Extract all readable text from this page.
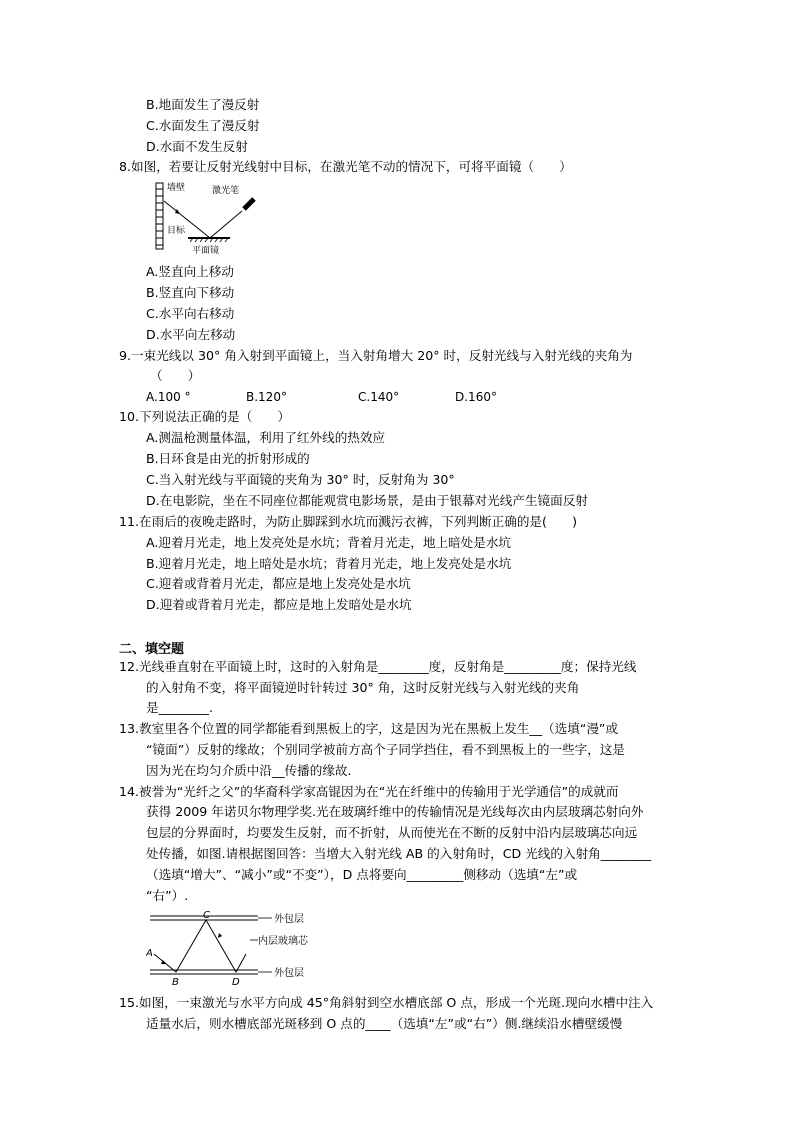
B.地面发生了漫反射
C.水面发生了漫反射
D.水面不发生反射
8.如图，若要让反射光线射中目标，在激光笔不动的情况下，可将平面镜（　　）
墙壁	激光笔
目标
平面镜
A.竖直向上移动
B.竖直向下移动
C.水平向右移动
D.水平向左移动
9.一束光线以 30° 角入射到平面镜上，当入射角增大 20° 时，反射光线与入射光线的夹角为
（　　）
A.100 °	B.120°	C.140°	D.160°
10.下列说法正确的是（　　）
A.测温枪测量体温，利用了红外线的热效应
B.日环食是由光的折射形成的
C.当入射光线与平面镜的夹角为 30° 时，反射角为 30°
D.在电影院，坐在不同座位都能观赏电影场景，是由于银幕对光线产生镜面反射
11.在雨后的夜晚走路时，为防止脚踩到水坑而溅污衣裤，下列判断正确的是(　　)
A.迎着月光走，地上发亮处是水坑；背着月光走，地上暗处是水坑
B.迎着月光走，地上暗处是水坑；背着月光走，地上发亮处是水坑
C.迎着或背着月光走，都应是地上发亮处是水坑
D.迎着或背着月光走，都应是地上发暗处是水坑
二、填空题
12.光线垂直射在平面镜上时，这时的入射角是________度，反射角是_________度；保持光线
的入射角不变，将平面镜逆时针转过 30° 角，这时反射光线与入射光线的夹角
是________.
13.教室里各个位置的同学都能看到黑板上的字，这是因为光在黑板上发生__（选填“漫”或
“镜面”）反射的缘故；个别同学被前方高个子同学挡住，看不到黑板上的一些字，这是
因为光在均匀介质中沿__传播的缘故.
14.被誉为“光纤之父”的华裔科学家高锟因为在“光在纤维中的传输用于光学通信”的成就而
获得 2009 年诺贝尔物理学奖.光在玻璃纤维中的传输情况是光线每次由内层玻璃芯射向外
包层的分界面时，均要发生反射，而不折射，从而使光在不断的反射中沿内层玻璃芯向远
处传播，如图.请根据图回答：当增大入射光线 AB 的入射角时，CD 光线的入射角________
（选填“增大”、“减小”或“不变”），D 点将要向_________侧移动（选填“左”或
“右”）.
外包层
内层玻璃芯
外包层
A
B
C
D
15.如图，一束激光与水平方向成 45°角斜射到空水槽底部 O 点，形成一个光斑.现向水槽中注入
适量水后，则水槽底部光斑移到 O 点的____（选填“左”或“右”）侧.继续沿水槽壁缓慢
